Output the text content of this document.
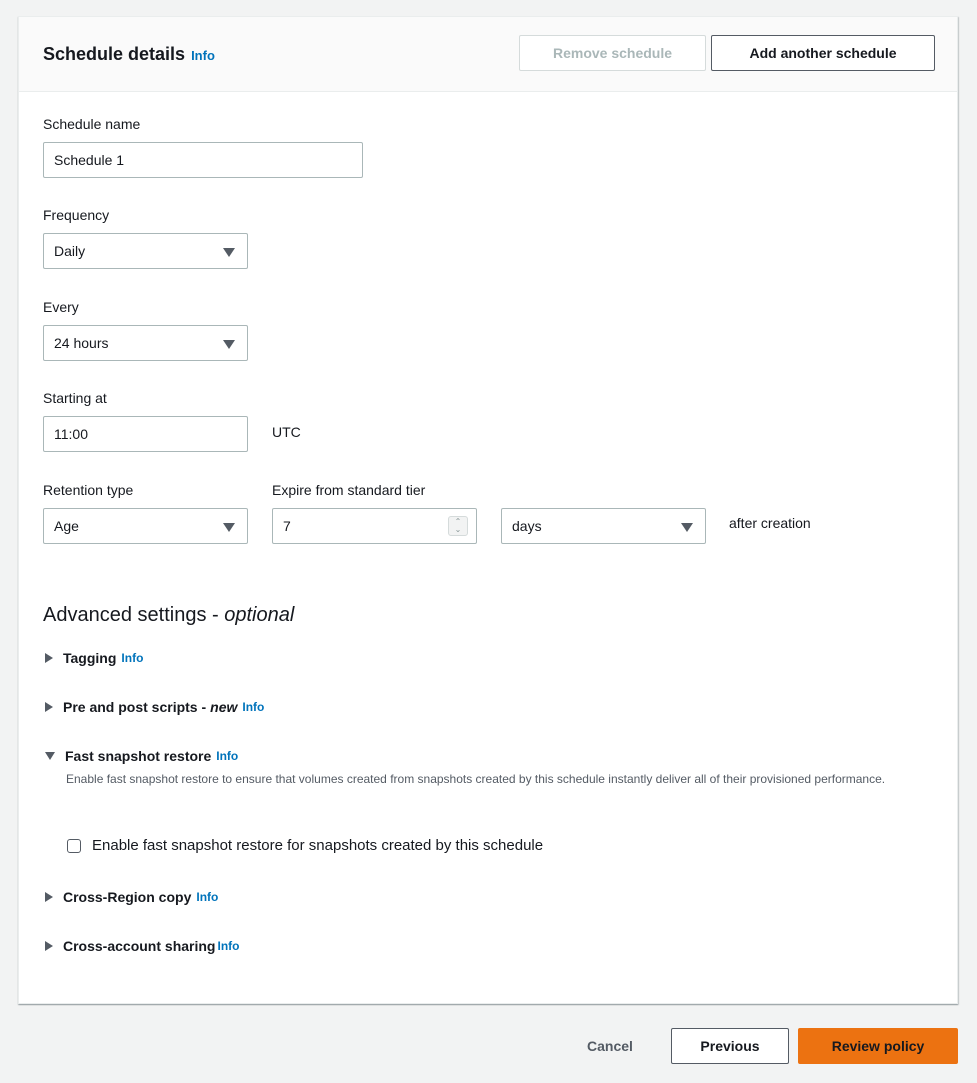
Schedule details Info	Remove schedule	Add another schedule
Schedule name
Schedule 1
Frequency
Daily
Every
24 hours
Starting at
11:00	UTC
Retention type
Age
Expire from standard tier
7	⌃
⌄	days	after creation
Advanced settings - optional
Tagging Info
Pre and post scripts - new Info
Fast snapshot restore Info
Enable fast snapshot restore to ensure that volumes created from snapshots created by this schedule instantly deliver all of their provisioned performance.
Enable fast snapshot restore for snapshots created by this schedule
Cross-Region copy Info
Cross-account sharing Info
Cancel	Previous	Review policy
